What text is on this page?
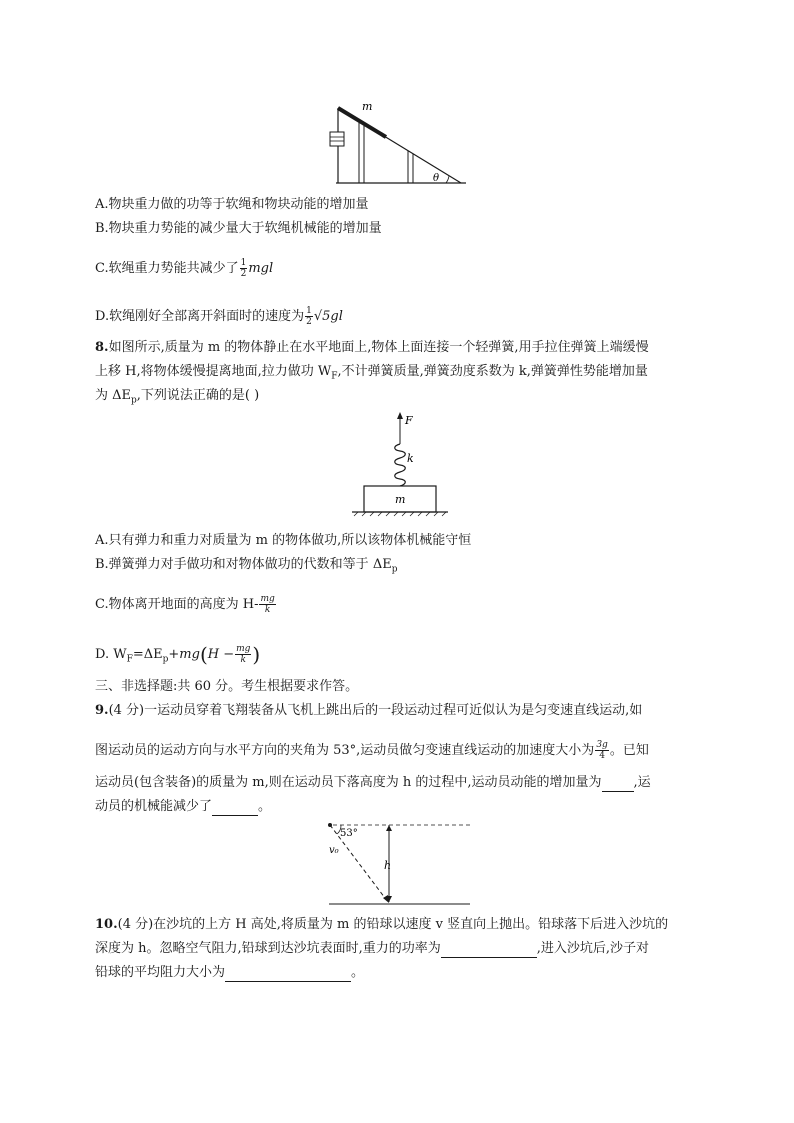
m
θ
A.物块重力做的功等于软绳和物块动能的增加量
B.物块重力势能的减少量大于软绳机械能的增加量
C.软绳重力势能共减少了 $\frac{1}{2}$ mgl
D.软绳刚好全部离开斜面时的速度为 $\frac{1}{2} √5gl$
8.如图所示,质量为 m 的物体静止在水平地面上,物体上面连接一个轻弹簧,用手拉住弹簧上端缓慢
上移 H,将物体缓慢提离地面,拉力做功 $W_F$,不计弹簧质量,弹簧劲度系数为 k,弹簧弹性势能增加量
为 $\Delta E_p$,下列说法正确的是( )
F
k
m
A.只有弹力和重力对质量为 m 的物体做功,所以该物体机械能守恒
B.弹簧弹力对手做功和对物体做功的代数和等于 $\Delta E_p$
C.物体离开地面的高度为 $H- \frac{mg}{k}$
D. $W_F=\Delta E_p+mg(H - \frac{mg}{k}$ )
三、非选择题:共 60 分。考生根据要求作答。
9.(4 分)一运动员穿着飞翔装备从飞机上跳出后的一段运动过程可近似认为是匀变速直线运动,如
图运动员的运动方向与水平方向的夹角为 53°,运动员做匀变速直线运动的加速度大小为 $\frac{3g}{4}$ 。已知
运动员(包含装备)的质量为 m,则在运动员下落高度为 h 的过程中,运动员动能的增加量为 ,运
动员的机械能减少了	。
53°
v₀
h
10.(4 分)在沙坑的上方 H 高处,将质量为 m 的铅球以速度 v 竖直向上抛出。铅球落下后进入沙坑的
深度为 h。忽略空气阻力,铅球到达沙坑表面时,重力的功率为	,进入沙坑后,沙子对
铅球的平均阻力大小为	。
